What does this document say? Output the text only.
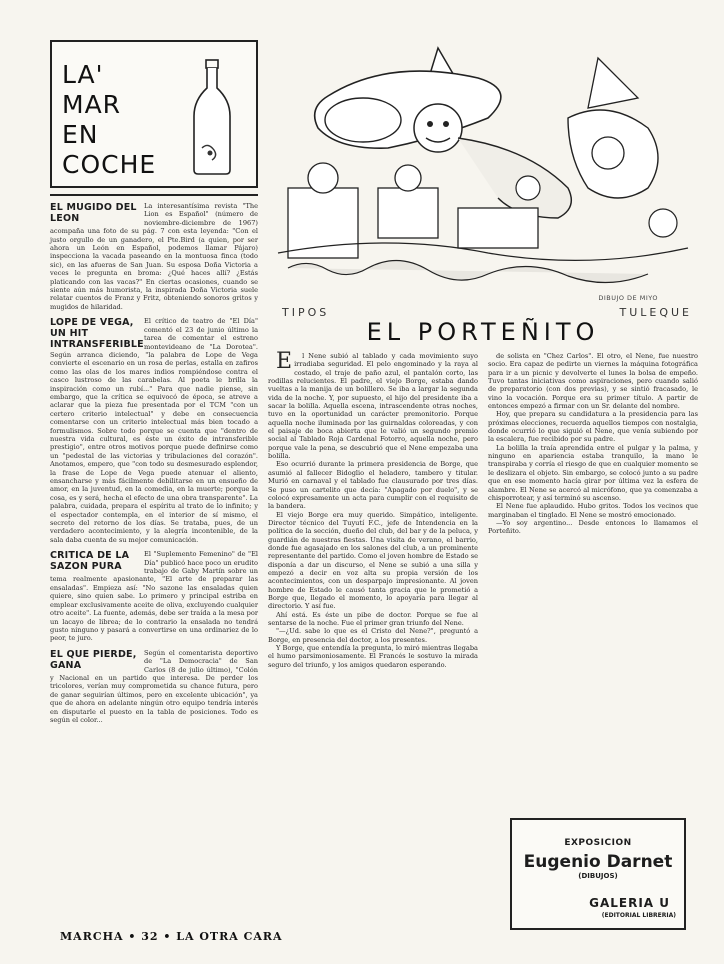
LA'
MAR
EN
COCHE
EL MUGIDO DEL LEON
La interesantísima revista "The Lion es Español" (número de noviembre-diciembre de 1967) acompaña una foto de su pág. 7 con esta leyenda: "Con el justo orgullo de un ganadero, el Pte.Bird (a quien, por ser ahora un León en Español, podemos llamar Pájaro) inspecciona la vacada paseando en la montuosa finca (todo sic), en las afueras de San Juan. Su esposa Doña Victoria a veces le pregunta en broma: ¿Qué haces allí? ¿Estás platicando con las vacas?" En ciertas ocasiones, cuando se siente aún más humorista, la inspirada Doña Victoria suele relatar cuentos de Franz y Fritz, obteniendo sonoros gritos y mugidos de hilaridad.
LOPE DE VEGA, UN HIT INTRANSFERIBLE
El crítico de teatro de "El Día" comentó el 23 de junio último la tarea de comentar el estreno montevideano de "La Dorotea". Según arranca diciendo, "la palabra de Lope de Vega convierte el escenario en un rosa de perlas, estalla en zafiros como las olas de los mares indios rompiéndose contra el casco lustroso de las carabelas. Al poeta le brilla la inspiración como un rubí..." Para que nadie piense, sin embargo, que la crítica se equivocó de época, se atreve a aclarar que la pieza fue presentada por el TCM "con un certero criterio intelectual" y debe en consecuencia comentarse con un criterio intelectual más bien tocado a formulismos. Sobre todo porque se cuenta que "dentro de nuestra vida cultural, es éste un éxito de intransferible prestigio", entre otros motivos porque puede definirse como un "pedestal de las victorias y tribulaciones del corazón". Anotamos, empero, que "con todo su desmesurado esplendor, la frase de Lope de Vega puede atenuar el aliento, ensancharse y más fácilmente debilitarse en un ensueño de amor, en la juventud, en la comedia, en la muerte; porque la cosa, es y será, hecha el efecto de una obra transparente". La palabra, cuidada, prepara el espíritu al trato de lo infinito; y el espectador contempla, en el interior de sí mismo, el secreto del retorno de los días. Se trataba, pues, de un verdadero acontecimiento, y la alegría incontenible, de la sala daba cuenta de su mejor comunicación.
CRITICA DE LA SAZON PURA
El "Suplemento Femenino" de "El Día" publicó hace poco un erudito trabajo de Gaby Martín sobre un tema realmente apasionante, "El arte de preparar las ensaladas". Empieza así: "No sazone las ensaladas quien quiere, sino quien sabe. Lo primero y principal estriba en emplear exclusivamente aceite de oliva, excluyendo cualquier otro aceite". La fuente, además, debe ser traída a la mesa por un lacayo de librea; de lo contrario la ensalada no tendrá gusto ninguno y pasará a convertirse en una ordinariez de lo peor, te juro.
EL QUE PIERDE, GANA
Según el comentarista deportivo de "La Democracia" de San Carlos (8 de julio último), "Colón y Nacional en un partido que interesa. De perder los tricolores, verían muy comprometida su chance futura, pero de ganar seguirían últimos, pero en excelente ubicación", ya que de ahora en adelante ningún otro equipo tendría interés en disputarle el puesto en la tabla de posiciones. Todo es según el color...
DIBUJO DE MIYO
TIPOS	TULEQUE
EL PORTEÑITO

El Nene subió al tablado y cada movimiento suyo irradiaba seguridad. El pelo engominado y la raya al costado, el traje de paño azul, el pantalón corto, las rodillas relucientes. El padre, el viejo Borge, estaba dando vueltas a la manija de un bolillero. Se iba a largar la segunda vida de la noche. Y, por supuesto, el hijo del presidente iba a sacar la bolilla. Aquella escena, intrascendente otras noches, tuvo en la oportunidad un carácter premonitorio. Porque aquella noche iluminada por las guirnaldas coloreadas, y con el paisaje de boca abierta que le valió un segundo premio social al Tablado Roja Cardenal Fotorro, aquella noche, pero porque vale la pena, se descubrió que el Nene empezaba una bolilla.

Eso ocurrió durante la primera presidencia de Borge, que asumió al fallecer Bidoglio el heladero, tambero y titular. Murió en carnaval y el tablado fue clausurado por tres días. Se puso un cartelito que decía: "Apagado por duelo", y se colocó expresamente un acta para cumplir con el requisito de la bandera.

El viejo Borge era muy querido. Simpático, inteligente. Director técnico del Tuyutí F.C., jefe de Intendencia en la política de la sección, dueño del club, del bar y de la peluca, y guardián de nuestras fiestas. Una visita de verano, el barrio, donde fue agasajado en los salones del club, a un prominente representante del partido. Como el joven hombre de Estado se disponía a dar un discurso, el Nene se subió a una silla y empezó a decir en voz alta su propia versión de los acontecimientos, con un desparpajo impresionante. Al joven hombre de Estado le causó tanta gracia que le prometió a Borge que, llegado el momento, lo apoyaría para llegar al directorio. Y así fue.

Ahí está. Es éste un pibe de doctor. Porque se fue al sentarse de la noche. Fue el primer gran triunfo del Nene.

"—¿Ud. sabe lo que es el Cristo del Nene?", preguntó a Borge, en presencia del doctor, a los presentes.

Y Borge, que entendía la pregunta, lo miró mientras llegaba el humo parsimoniosamente. El Francés le sostuvo la mirada seguro del triunfo, y los amigos quedaron esperando.

de solista en "Chez Carlos". El otro, el Nene, fue nuestro socio. Era capaz de pedirte un viernes la máquina fotográfica para ir a un picnic y devolverte el lunes la bolsa de empeño. Tuvo tantas iniciativas como aspiraciones, pero cuando salió de preparatorio (con dos previas), y se sintió fracasado, le vino la vocación. Porque era su primer título. A partir de entonces empezó a firmar con un Sr. delante del nombre.

Hoy, que prepara su candidatura a la presidencia para las próximas elecciones, recuerda aquellos tiempos con nostalgia, donde ocurrió lo que siguió el Nene, que venía subiendo por la escalera, fue recibido por su padre.

La bolilla la traía aprendida entre el pulgar y la palma, y ninguno en apariencia estaba tranquilo, la mano le transpiraba y corría el riesgo de que en cualquier momento se le deslizara el objeto. Sin embargo, se colocó junto a su padre que en ese momento hacía girar por última vez la esfera de alambre. El Nene se acercó al micrófono, que ya comenzaba a chisporrotear, y así terminó su ascenso.

El Nene fue aplaudido. Hubo gritos. Todos los vecinos que marginaban el tinglado. El Nene se mostró emocionado.

—Yo soy argentino... Desde entonces lo llamamos el Porteñito.

EXPOSICION
Eugenio Darnet
(DIBUJOS)
GALERIA U
(EDITORIAL LIBRERIA)
MARCHA • 32 • LA OTRA CARA
